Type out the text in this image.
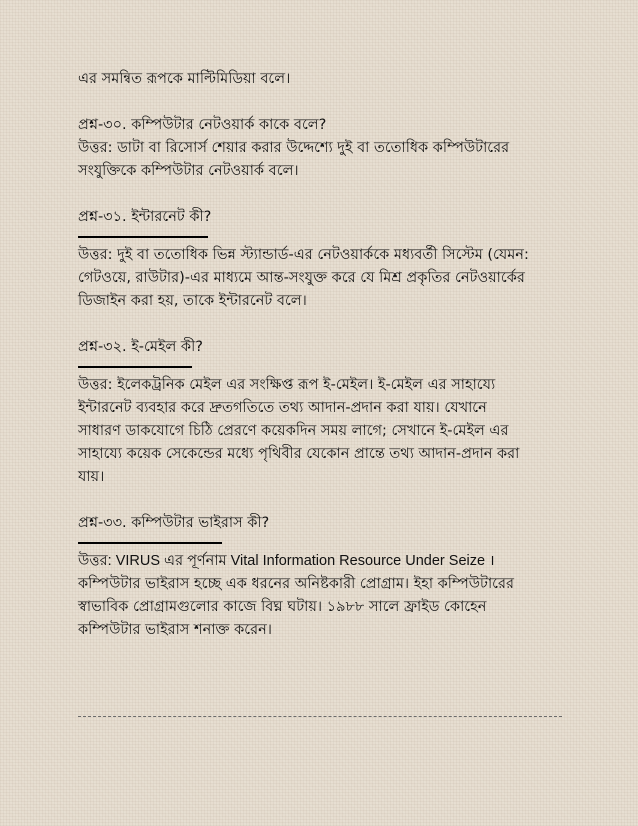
এর সমন্বিত রূপকে মাল্টিমিডিয়া বলে।

প্রশ্ন-৩০. কম্পিউটার নেটওয়ার্ক কাকে বলে?

উত্তর: ডাটা বা রিসোর্স শেয়ার করার উদ্দেশ্যে দুই বা ততোধিক কম্পিউটারের

সংযুক্তিকে কম্পিউটার নেটওয়ার্ক বলে।

প্রশ্ন-৩১. ইন্টারনেট কী?

উত্তর: দুই বা ততোধিক ভিন্ন স্ট্যান্ডার্ড-এর নেটওয়ার্ককে মধ্যবর্তী সিস্টেম (যেমন:

গেটওয়ে, রাউটার)-এর মাধ্যমে আন্ত-সংযুক্ত করে যে মিশ্র প্রকৃতির নেটওয়ার্কের

ডিজাইন করা হয়, তাকে ইন্টারনেট বলে।

প্রশ্ন-৩২. ই-মেইল কী?

উত্তর: ইলেকট্রনিক মেইল এর সংক্ষিপ্ত রূপ ই-মেইল। ই-মেইল এর সাহায্যে

ইন্টারনেট ব্যবহার করে দ্রুতগতিতে তথ্য আদান-প্রদান করা যায়। যেখানে

সাধারণ ডাকযোগে চিঠি প্রেরণে কয়েকদিন সময় লাগে; সেখানে ই-মেইল এর

সাহায্যে কয়েক সেকেন্ডের মধ্যে পৃথিবীর যেকোন প্রান্তে তথ্য আদান-প্রদান করা

যায়।

প্রশ্ন-৩৩. কম্পিউটার ভাইরাস কী?

উত্তর: VIRUS এর পূর্ণনাম Vital Information Resource Under Seize ।

কম্পিউটার ভাইরাস হচ্ছে এক ধরনের অনিষ্টকারী প্রোগ্রাম। ইহা কম্পিউটারের

স্বাভাবিক প্রোগ্রামগুলোর কাজে বিঘ্ন ঘটায়। ১৯৮৮ সালে ফ্রাইড কোহেন

কম্পিউটার ভাইরাস শনাক্ত করেন।
